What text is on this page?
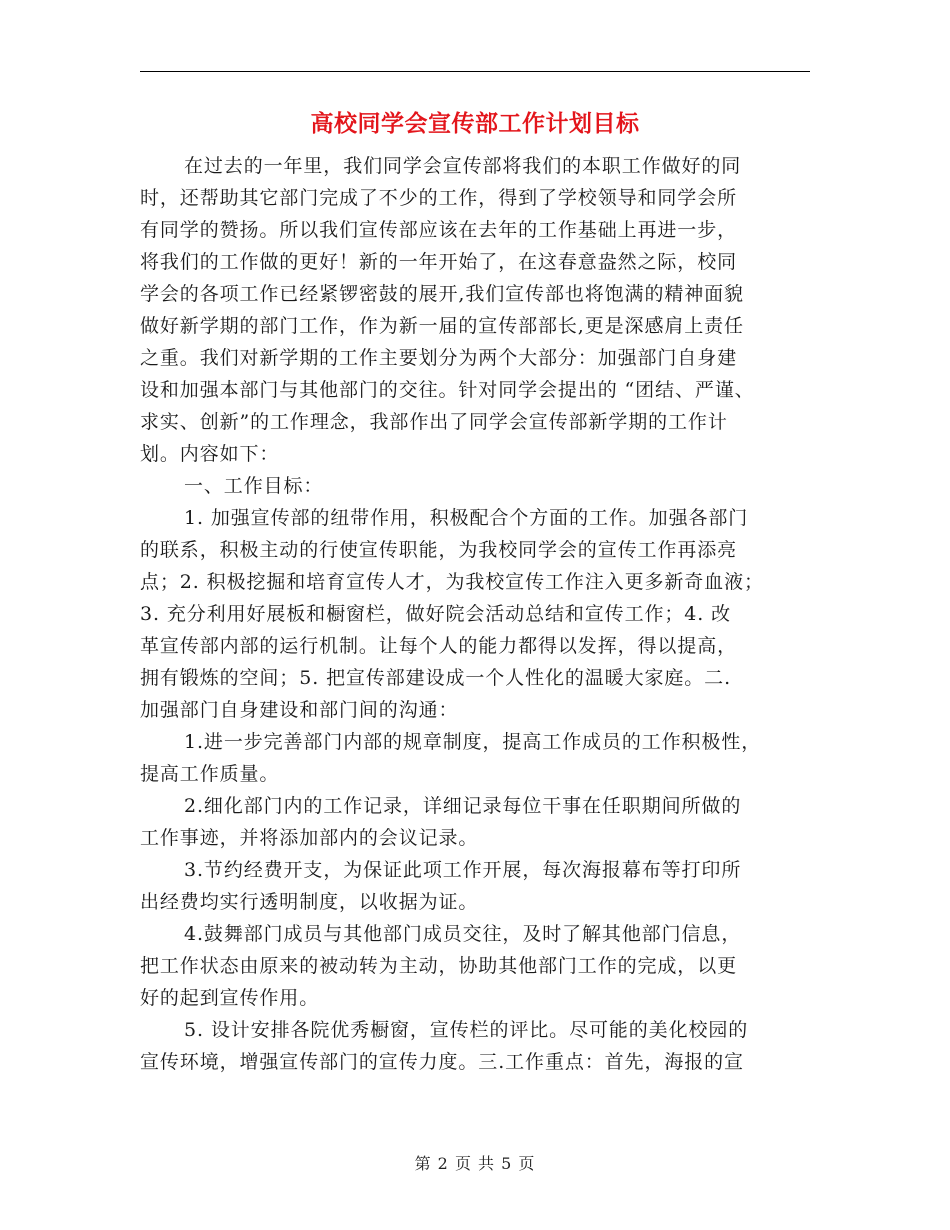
高校同学会宣传部工作计划目标
在过去的一年里，我们同学会宣传部将我们的本职工作做好的同
时，还帮助其它部门完成了不少的工作，得到了学校领导和同学会所
有同学的赞扬。所以我们宣传部应该在去年的工作基础上再进一步，
将我们的工作做的更好！新的一年开始了，在这春意盎然之际，校同
学会的各项工作已经紧锣密鼓的展开,我们宣传部也将饱满的精神面貌
做好新学期的部门工作，作为新一届的宣传部部长,更是深感肩上责任
之重。我们对新学期的工作主要划分为两个大部分：加强部门自身建
设和加强本部门与其他部门的交往。针对同学会提出的 “团结、严谨、
求实、创新”的工作理念，我部作出了同学会宣传部新学期的工作计
划。内容如下：
一、工作目标：
1. 加强宣传部的纽带作用，积极配合个方面的工作。加强各部门
的联系，积极主动的行使宣传职能，为我校同学会的宣传工作再添亮
点；2. 积极挖掘和培育宣传人才，为我校宣传工作注入更多新奇血液；
3. 充分利用好展板和橱窗栏，做好院会活动总结和宣传工作；4. 改
革宣传部内部的运行机制。让每个人的能力都得以发挥，得以提高，
拥有锻炼的空间；5. 把宣传部建设成一个人性化的温暖大家庭。二.
加强部门自身建设和部门间的沟通：
1.进一步完善部门内部的规章制度，提高工作成员的工作积极性，
提高工作质量。
2.细化部门内的工作记录，详细记录每位干事在任职期间所做的
工作事迹，并将添加部内的会议记录。
3.节约经费开支，为保证此项工作开展，每次海报幕布等打印所
出经费均实行透明制度，以收据为证。
4.鼓舞部门成员与其他部门成员交往，及时了解其他部门信息，
把工作状态由原来的被动转为主动，协助其他部门工作的完成，以更
好的起到宣传作用。
5. 设计安排各院优秀橱窗，宣传栏的评比。尽可能的美化校园的
宣传环境，增强宣传部门的宣传力度。三.工作重点：首先，海报的宣
第 2 页 共 5 页
